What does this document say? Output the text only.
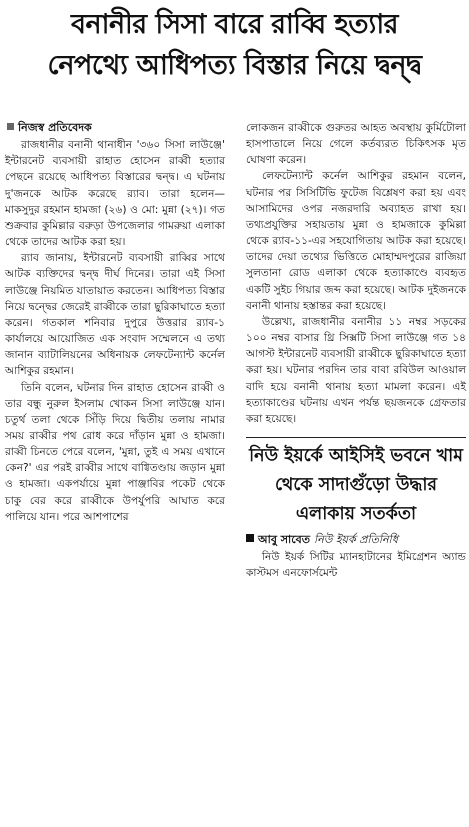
বনানীর সিসা বারে রাব্বি হত্যার
নেপথ্যে আধিপত্য বিস্তার নিয়ে দ্বন্দ্ব
নিজস্ব প্রতিবেদক

রাজধানীর বনানী থানাধীন '৩৬০ সিসা লাউঞ্জে' ইন্টারনেট ব্যবসায়ী রাহাত হোসেন রাব্বী হত্যার পেছনে রয়েছে আধিপত্য বিস্তারের দ্বন্দ্ব। এ ঘটনায় দু'জনকে আটক করেছে র‍্যাব। তারা হলেন— মাকসুদুর রহমান হামজা (২৬) ও মো: মুন্না (২৭)। গত শুক্রবার কুমিল্লার বরুড়া উপজেলার গামরুয়া এলাকা থেকে তাদের আটক করা হয়।

র‍্যাব জানায়, ইন্টারনেট ব্যবসায়ী রাব্বির সাথে আটক ব্যক্তিদের দ্বন্দ্ব দীর্ঘ দিনের। তারা এই সিসা লাউঞ্জে নিয়মিত যাতায়াত করতেন। আধিপত্য বিস্তার নিয়ে দ্বন্দ্বের জেরেই রাব্বীকে তারা ছুরিকাঘাতে হত্যা করেন। গতকাল শনিবার দুপুরে উত্তরার র‍্যাব-১ কার্যালয়ে আয়োজিত এক সংবাদ সম্মেলনে এ তথ্য জানান ব্যাটালিয়নের অধিনায়ক লেফটেন্যান্ট কর্নেল আশিকুর রহমান।

তিনি বলেন, ঘটনার দিন রাহাত হোসেন রাব্বী ও তার বন্ধু নুরুল ইসলাম খোকন সিসা লাউঞ্জে যান। চতুর্থ তলা থেকে সিঁড়ি দিয়ে দ্বিতীয় তলায় নামার সময় রাব্বীর পথ রোধ করে দাঁড়ান মুন্না ও হামজা। রাব্বী চিনতে পেরে বলেন, 'মুন্না, তুই এ সময় এখানে কেন?' এর পরই রাব্বীর সাথে বাগ্বিতণ্ডায় জড়ান মুন্না ও হামজা। একপর্যায়ে মুন্না পাঞ্জাবির পকেট থেকে চাকু বের করে রাব্বীকে উপর্যুপরি আঘাত করে পালিয়ে যান। পরে আশপাশের

লোকজন রাব্বীকে গুরুতর আহত অবস্থায় কুর্মিটোলা হাসপাতালে নিয়ে গেলে কর্তব্যরত চিকিৎসক মৃত ঘোষণা করেন।

লেফটেন্যান্ট কর্নেল আশিকুর রহমান বলেন, ঘটনার পর সিসিটিভি ফুটেজ বিশ্লেষণ করা হয় এবং আসামিদের ওপর নজরদারি অব্যাহত রাখা হয়। তথ্যপ্রযুক্তির সহায়তায় মুন্না ও হামজাকে কুমিল্লা থেকে র‍্যাব-১১-এর সহযোগিতায় আটক করা হয়েছে। তাদের দেয়া তথ্যের ভিত্তিতে মোহাম্মদপুরের রাজিয়া সুলতানা রোড এলাকা থেকে হত্যাকাণ্ডে ব্যবহৃত একটি সুইচ গিয়ার জব্দ করা হয়েছে। আটক দুইজনকে বনানী থানায় হস্তান্তর করা হয়েছে।

উল্লেখ্য, রাজধানীর বনানীর ১১ নম্বর সড়কের ১০০ নম্বর বাসার থ্রি সিক্সটি সিসা লাউঞ্জে গত ১৪ আগস্ট ইন্টারনেট ব্যবসায়ী রাব্বীকে ছুরিকাঘাতে হত্যা করা হয়। ঘটনার পরদিন তার বাবা রবিউল আওয়াল বাদি হয়ে বনানী থানায় হত্যা মামলা করেন। এই হত্যাকাণ্ডের ঘটনায় এখন পর্যন্ত ছয়জনকে গ্রেফতার করা হয়েছে।

নিউ ইয়র্কে আইসিই ভবনে খাম থেকে সাদাগুঁড়ো উদ্ধার এলাকায় সতর্কতা
আবু সাবেত নিউ ইয়র্ক প্রতিনিধি

নিউ ইয়র্ক সিটির ম্যানহাটানের ইমিগ্রেশন অ্যান্ড কাস্টমস এনফোর্সমেন্ট
